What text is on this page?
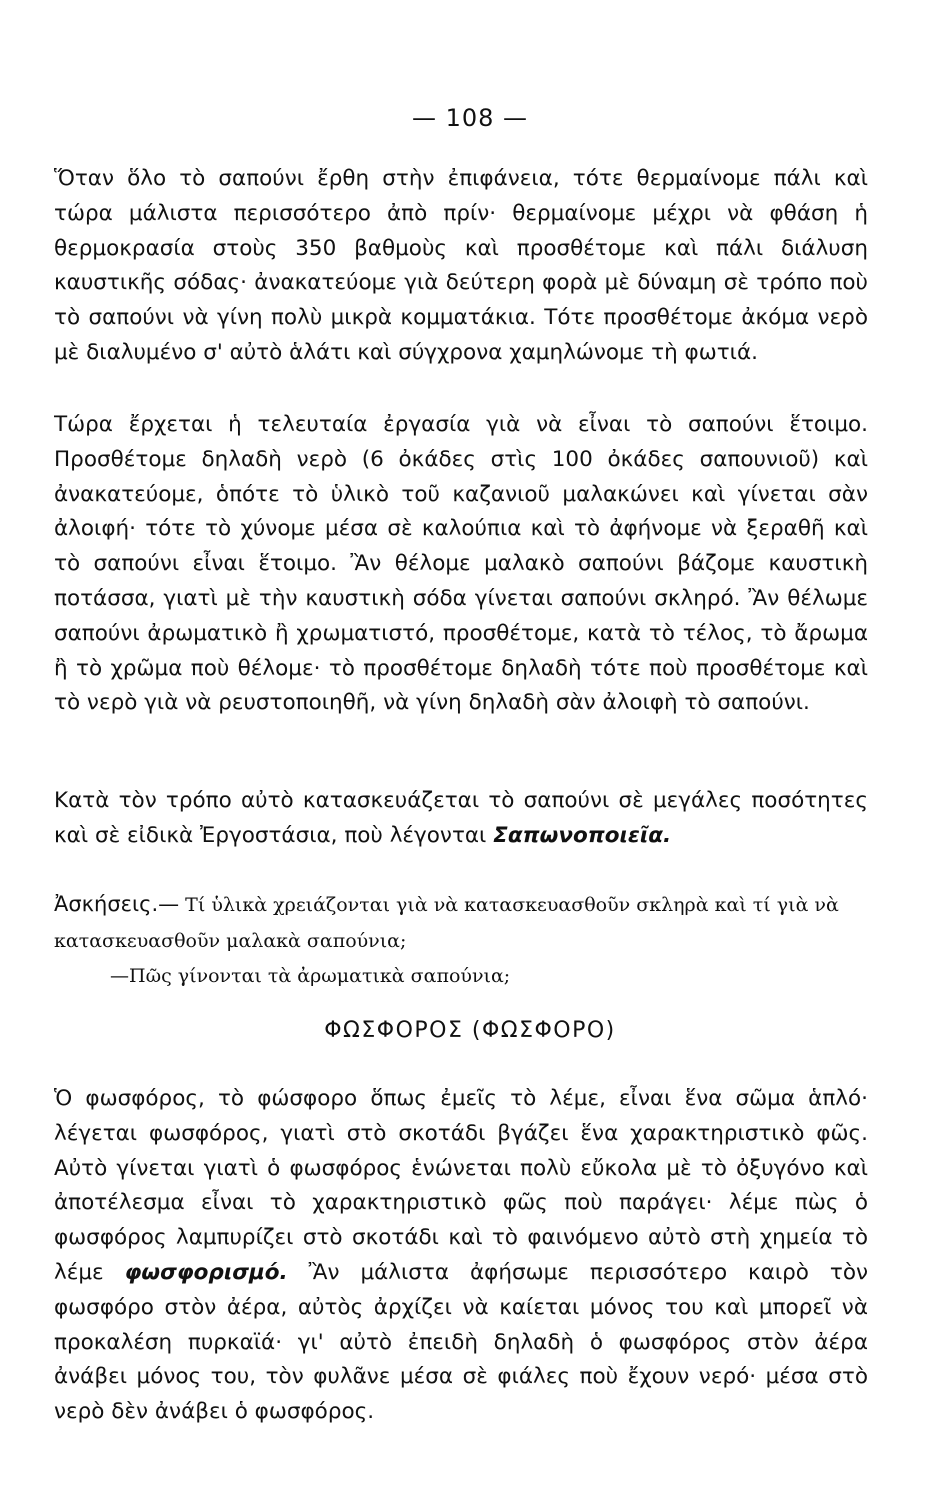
— 108 —
Ὅταν ὅλο τὸ σαπούνι ἔρθη στὴν ἐπιφάνεια, τότε θερμαίνομε πάλι καὶ τώρα μάλιστα περισσότερο ἀπὸ πρίν· θερμαίνομε μέχρι νὰ φθάση ἡ θερμοκρασία στοὺς 350 βαθμοὺς καὶ προσθέτομε καὶ πάλι διάλυση καυστικῆς σόδας· ἀνακατεύομε γιὰ δεύτερη φορὰ μὲ δύναμη σὲ τρόπο ποὺ τὸ σαπούνι νὰ γίνη πολὺ μικρὰ κομματάκια. Τότε προσθέτομε ἀκόμα νερὸ μὲ διαλυμένο σ' αὐτὸ ἁλάτι καὶ σύγχρονα χαμηλώνομε τὴ φωτιά.
Τώρα ἔρχεται ἡ τελευταία ἐργασία γιὰ νὰ εἶναι τὸ σαπούνι ἕτοιμο. Προσθέτομε δηλαδὴ νερὸ (6 ὀκάδες στὶς 100 ὀκάδες σαπουνιοῦ) καὶ ἀνακατεύομε, ὁπότε τὸ ὑλικὸ τοῦ καζανιοῦ μαλακώνει καὶ γίνεται σὰν ἀλοιφή· τότε τὸ χύνομε μέσα σὲ καλούπια καὶ τὸ ἀφήνομε νὰ ξεραθῆ καὶ τὸ σαπούνι εἶναι ἕτοιμο. Ἂν θέλομε μαλακὸ σαπούνι βάζομε καυστικὴ ποτάσσα, γιατὶ μὲ τὴν καυστικὴ σόδα γίνεται σαπούνι σκληρό. Ἂν θέλωμε σαπούνι ἀρωματικὸ ἢ χρωματιστό, προσθέτομε, κατὰ τὸ τέλος, τὸ ἄρωμα ἢ τὸ χρῶμα ποὺ θέλομε· τὸ προσθέτομε δηλαδὴ τότε ποὺ προσθέτομε καὶ τὸ νερὸ γιὰ νὰ ρευστοποιηθῆ, νὰ γίνη δηλαδὴ σὰν ἀλοιφὴ τὸ σαπούνι.
Κατὰ τὸν τρόπο αὐτὸ κατασκευάζεται τὸ σαπούνι σὲ μεγάλες ποσότητες καὶ σὲ εἰδικὰ Ἐργοστάσια, ποὺ λέγονται Σαπωνοποιεῖα.
Ἀσκήσεις.— Τί ὑλικὰ χρειάζονται γιὰ νὰ κατασκευασθοῦν σκληρὰ καὶ τί γιὰ νὰ κατασκευασθοῦν μαλακὰ σαπούνια;
—Πῶς γίνονται τὰ ἀρωματικὰ σαπούνια;
ΦΩΣΦΟΡΟΣ (ΦΩΣΦΟΡΟ)
Ὁ φωσφόρος, τὸ φώσφορο ὅπως ἐμεῖς τὸ λέμε, εἶναι ἕνα σῶμα ἁπλό· λέγεται φωσφόρος, γιατὶ στὸ σκοτάδι βγάζει ἕνα χαρακτηριστικὸ φῶς. Αὐτὸ γίνεται γιατὶ ὁ φωσφόρος ἑνώνεται πολὺ εὔκολα μὲ τὸ ὀξυγόνο καὶ ἀποτέλεσμα εἶναι τὸ χαρακτηριστικὸ φῶς ποὺ παράγει· λέμε πὼς ὁ φωσφόρος λαμπυρίζει στὸ σκοτάδι καὶ τὸ φαινόμενο αὐτὸ στὴ χημεία τὸ λέμε φωσφορισμό. Ἂν μάλιστα ἀφήσωμε περισσότερο καιρὸ τὸν φωσφόρο στὸν ἀέρα, αὐτὸς ἀρχίζει νὰ καίεται μόνος του καὶ μπορεῖ νὰ προκαλέση πυρκαϊά· γι' αὐτὸ ἐπειδὴ δηλαδὴ ὁ φωσφόρος στὸν ἀέρα ἀνάβει μόνος του, τὸν φυλᾶνε μέσα σὲ φιάλες ποὺ ἔχουν νερό· μέσα στὸ νερὸ δὲν ἀνάβει ὁ φωσφόρος.
